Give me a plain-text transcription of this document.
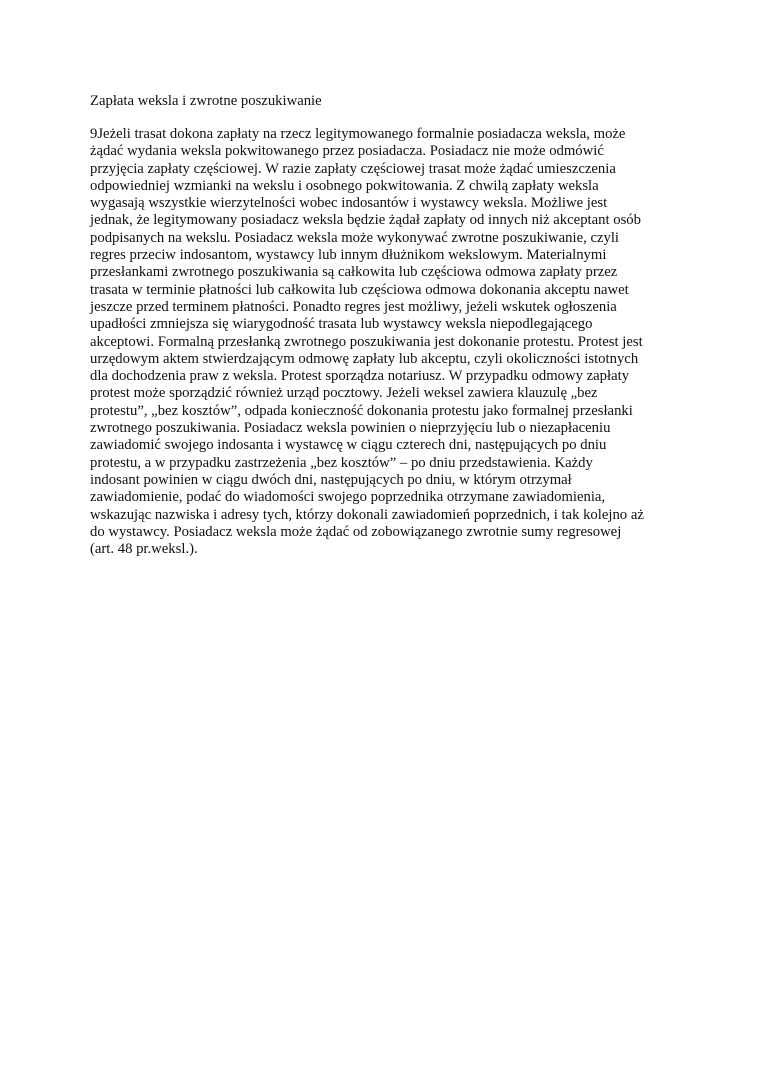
Zapłata weksla i zwrotne poszukiwanie

9Jeżeli trasat dokona zapłaty na rzecz legitymowanego formalnie posiadacza weksla, może
żądać wydania weksla pokwitowanego przez posiadacza. Posiadacz nie może odmówić
przyjęcia zapłaty częściowej. W razie zapłaty częściowej trasat może żądać umieszczenia
odpowiedniej wzmianki na wekslu i osobnego pokwitowania. Z chwilą zapłaty weksla
wygasają wszystkie wierzytelności wobec indosantów i wystawcy weksla. Możliwe jest
jednak, że legitymowany posiadacz weksla będzie żądał zapłaty od innych niż akceptant osób
podpisanych na wekslu. Posiadacz weksla może wykonywać zwrotne poszukiwanie, czyli
regres przeciw indosantom, wystawcy lub innym dłużnikom wekslowym. Materialnymi
przesłankami zwrotnego poszukiwania są całkowita lub częściowa odmowa zapłaty przez
trasata w terminie płatności lub całkowita lub częściowa odmowa dokonania akceptu nawet
jeszcze przed terminem płatności. Ponadto regres jest możliwy, jeżeli wskutek ogłoszenia
upadłości zmniejsza się wiarygodność trasata lub wystawcy weksla niepodlegającego
akceptowi. Formalną przesłanką zwrotnego poszukiwania jest dokonanie protestu. Protest jest
urzędowym aktem stwierdzającym odmowę zapłaty lub akceptu, czyli okoliczności istotnych
dla dochodzenia praw z weksla. Protest sporządza notariusz. W przypadku odmowy zapłaty
protest może sporządzić również urząd pocztowy. Jeżeli weksel zawiera klauzulę „bez
protestu”, „bez kosztów”, odpada konieczność dokonania protestu jako formalnej przesłanki
zwrotnego poszukiwania. Posiadacz weksla powinien o nieprzyjęciu lub o niezapłaceniu
zawiadomić swojego indosanta i wystawcę w ciągu czterech dni, następujących po dniu
protestu, a w przypadku zastrzeżenia „bez kosztów” – po dniu przedstawienia. Każdy
indosant powinien w ciągu dwóch dni, następujących po dniu, w którym otrzymał
zawiadomienie, podać do wiadomości swojego poprzednika otrzymane zawiadomienia,
wskazując nazwiska i adresy tych, którzy dokonali zawiadomień poprzednich, i tak kolejno aż
do wystawcy. Posiadacz weksla może żądać od zobowiązanego zwrotnie sumy regresowej
(art. 48 pr.weksl.).
